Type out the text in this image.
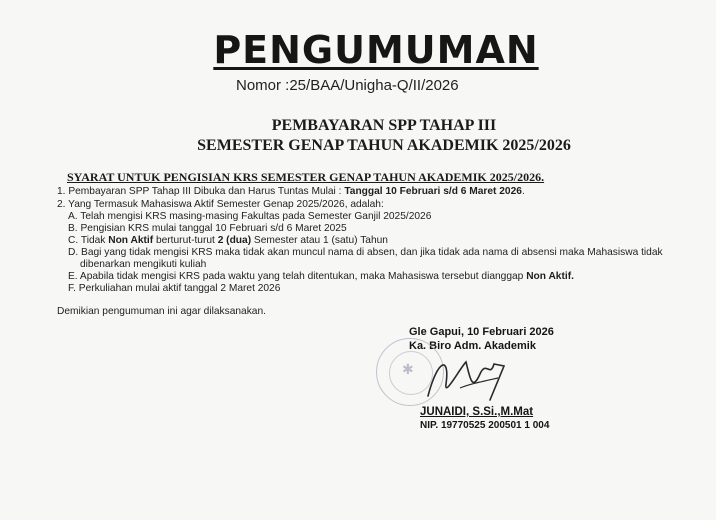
PENGUMUMAN
Nomor :25/BAA/Unigha-Q/II/2026
PEMBAYARAN SPP TAHAP III
SEMESTER GENAP TAHUN AKADEMIK 2025/2026
SYARAT UNTUK PENGISIAN KRS SEMESTER GENAP TAHUN AKADEMIK 2025/2026.
1. Pembayaran SPP Tahap III Dibuka dan Harus Tuntas Mulai : Tanggal 10 Februari s/d 6 Maret 2026.
2. Yang Termasuk Mahasiswa Aktif Semester Genap 2025/2026, adalah:
A. Telah mengisi KRS masing-masing Fakultas pada Semester Ganjil 2025/2026
B. Pengisian KRS mulai tanggal 10 Februari s/d 6 Maret 2025
C. Tidak Non Aktif berturut-turut 2 (dua) Semester atau 1 (satu) Tahun
D. Bagi yang tidak mengisi KRS maka tidak akan muncul nama di absen, dan jika tidak ada nama di absensi maka Mahasiswa tidak
dibenarkan mengikuti kuliah
E. Apabila tidak mengisi KRS pada waktu yang telah ditentukan, maka Mahasiswa tersebut dianggap Non Aktif.
F. Perkuliahan mulai aktif tanggal 2 Maret 2026
Demikian pengumuman ini agar dilaksanakan.
Gle Gapui, 10 Februari 2026
Ka. Biro Adm. Akademik
✱
JUNAIDI, S.Si.,M.Mat
NIP. 19770525 200501 1 004
